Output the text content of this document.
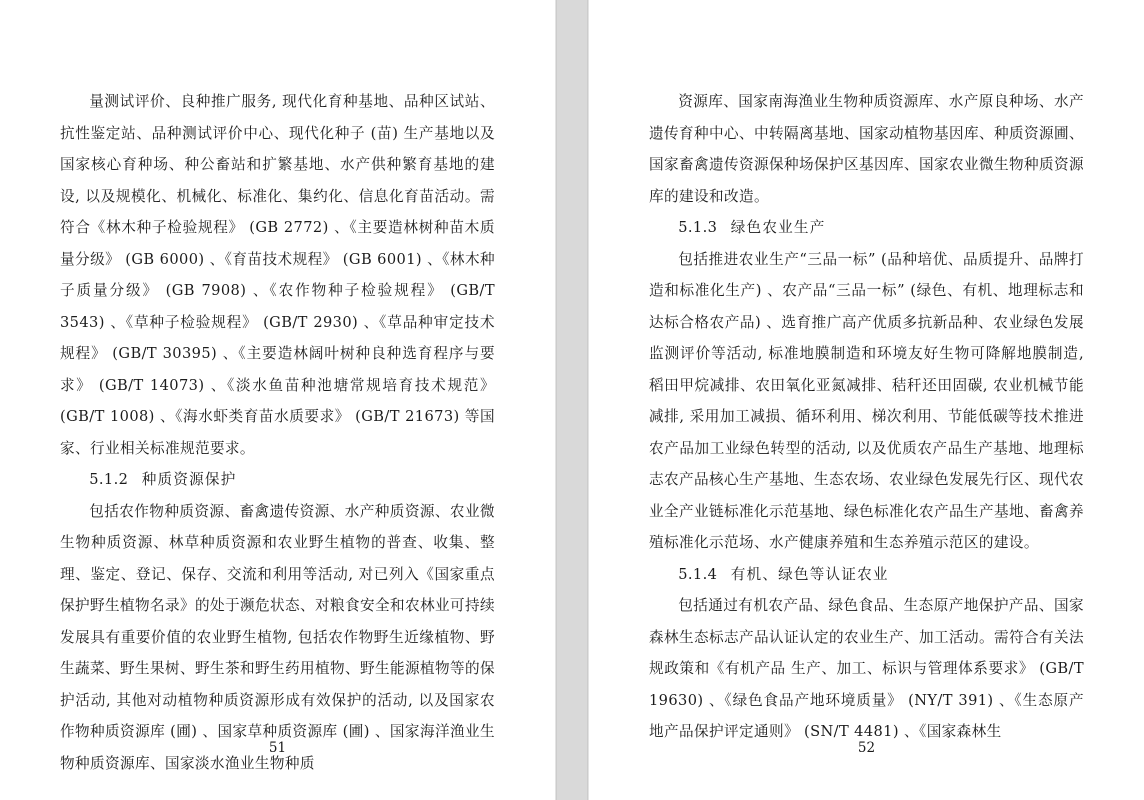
量测试评价、良种推广服务, 现代化育种基地、品种区试站、抗性鉴定站、品种测试评价中心、现代化种子 (苗) 生产基地以及国家核心育种场、种公畜站和扩繁基地、水产供种繁育基地的建设, 以及规模化、机械化、标准化、集约化、信息化育苗活动。需符合《林木种子检验规程》 (GB 2772) 、《主要造林树种苗木质量分级》 (GB 6000) 、《育苗技术规程》 (GB 6001) 、《林木种子质量分级》 (GB 7908) 、《农作物种子检验规程》 (GB/T 3543) 、《草种子检验规程》 (GB/T 2930) 、《草品种审定技术规程》 (GB/T 30395) 、《主要造林阔叶树种良种选育程序与要求》 (GB/T 14073) 、《淡水鱼苗种池塘常规培育技术规范》 (GB/T 1008) 、《海水虾类育苗水质要求》 (GB/T 21673) 等国家、行业相关标准规范要求。

5.1.2 种质资源保护

包括农作物种质资源、畜禽遗传资源、水产种质资源、农业微生物种质资源、林草种质资源和农业野生植物的普查、收集、整理、鉴定、登记、保存、交流和利用等活动, 对已列入《国家重点保护野生植物名录》的处于濒危状态、对粮食安全和农林业可持续发展具有重要价值的农业野生植物, 包括农作物野生近缘植物、野生蔬菜、野生果树、野生茶和野生药用植物、野生能源植物等的保护活动, 其他对动植物种质资源形成有效保护的活动, 以及国家农作物种质资源库 (圃) 、国家草种质资源库 (圃) 、国家海洋渔业生物种质资源库、国家淡水渔业生物种质

51

资源库、国家南海渔业生物种质资源库、水产原良种场、水产遗传育种中心、中转隔离基地、国家动植物基因库、种质资源圃、国家畜禽遗传资源保种场保护区基因库、国家农业微生物种质资源库的建设和改造。

5.1.3 绿色农业生产

包括推进农业生产“三品一标” (品种培优、品质提升、品牌打造和标准化生产) 、农产品“三品一标” (绿色、有机、地理标志和达标合格农产品) 、选育推广高产优质多抗新品种、农业绿色发展监测评价等活动, 标准地膜制造和环境友好生物可降解地膜制造, 稻田甲烷减排、农田氧化亚氮减排、秸秆还田固碳, 农业机械节能减排, 采用加工减损、循环利用、梯次利用、节能低碳等技术推进农产品加工业绿色转型的活动, 以及优质农产品生产基地、地理标志农产品核心生产基地、生态农场、农业绿色发展先行区、现代农业全产业链标准化示范基地、绿色标准化农产品生产基地、畜禽养殖标准化示范场、水产健康养殖和生态养殖示范区的建设。

5.1.4 有机、绿色等认证农业

包括通过有机农产品、绿色食品、生态原产地保护产品、国家森林生态标志产品认证认定的农业生产、加工活动。需符合有关法规政策和《有机产品 生产、加工、标识与管理体系要求》 (GB/T 19630) 、《绿色食品产地环境质量》 (NY/T 391) 、《生态原产地产品保护评定通则》 (SN/T 4481) 、《国家森林生

52
